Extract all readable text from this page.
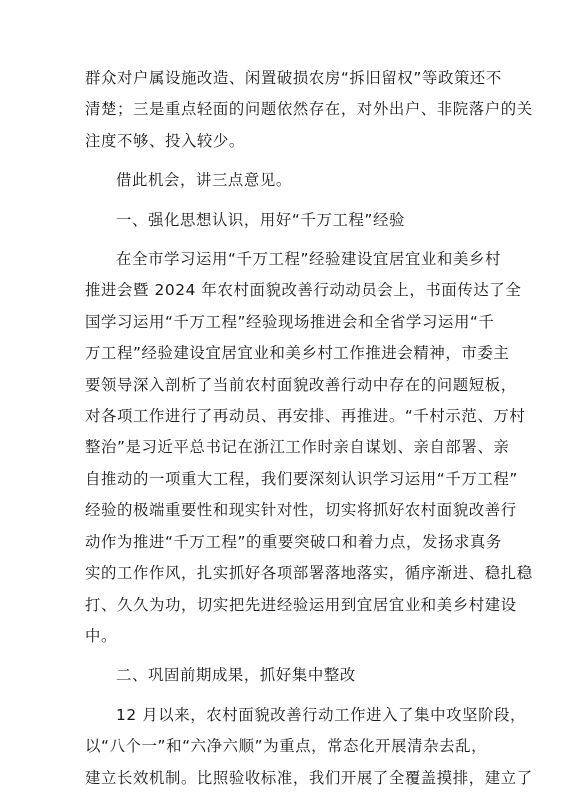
群众对户属设施改造、闲置破损农房“拆旧留权”等政策还不
清楚；三是重点轻面的问题依然存在，对外出户、非院落户的关
注度不够、投入较少。

借此机会，讲三点意见。

一、强化思想认识，用好“千万工程”经验

在全市学习运用“千万工程”经验建设宜居宜业和美乡村
推进会暨 2024 年农村面貌改善行动动员会上，书面传达了全
国学习运用“千万工程”经验现场推进会和全省学习运用“千
万工程”经验建设宜居宜业和美乡村工作推进会精神，市委主
要领导深入剖析了当前农村面貌改善行动中存在的问题短板，
对各项工作进行了再动员、再安排、再推进。“千村示范、万村
整治”是习近平总书记在浙江工作时亲自谋划、亲自部署、亲
自推动的一项重大工程，我们要深刻认识学习运用“千万工程”
经验的极端重要性和现实针对性，切实将抓好农村面貌改善行
动作为推进“千万工程”的重要突破口和着力点，发扬求真务
实的工作作风，扎实抓好各项部署落地落实，循序渐进、稳扎稳
打、久久为功，切实把先进经验运用到宜居宜业和美乡村建设
中。

二、巩固前期成果，抓好集中整改

12 月以来，农村面貌改善行动工作进入了集中攻坚阶段，
以“八个一”和“六净六顺”为重点，常态化开展清杂去乱，
建立长效机制。比照验收标准，我们开展了全覆盖摸排，建立了
